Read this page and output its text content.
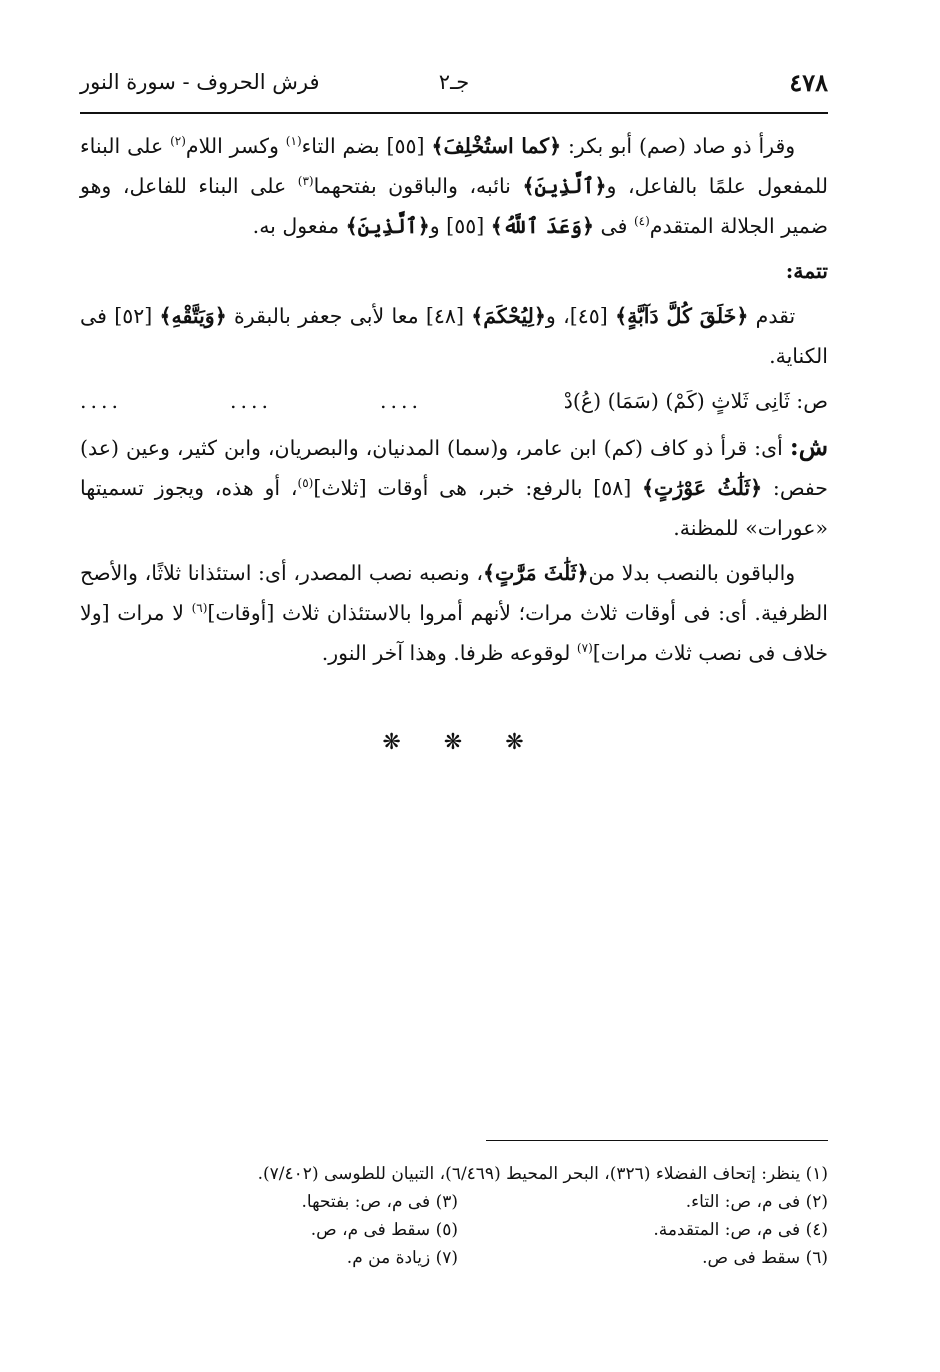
٤٧٨
جـ٢
فرش الحروف - سورة النور

وقرأ ذو صاد (صم) أبو بكر: ﴿كما استُخْلِفَ﴾ [٥٥] بضم التاء$^{(١)}$ وكسر اللام$^{(٢)}$ على البناء للمفعول علمًا بالفاعل، و﴿ٱلَّذِينَ﴾ نائبه، والباقون بفتحهما$^{(٣)}$ على البناء للفاعل، وهو ضمير الجلالة المتقدم$^{(٤)}$ فى ﴿وَعَدَ ٱللَّهُ﴾ [٥٥] و﴿ٱلَّذِينَ﴾ مفعول به.

تتمة:

تقدم ﴿خَلَقَ كُلَّ دَآبَّةٍ﴾ [٤٥]، و﴿لِيُحْكَمَ﴾ [٤٨] معا لأبى جعفر بالبقرة ﴿وَيَتَّقْهِ﴾ [٥٢] فى الكناية.

ص: ثَانِى ثَلاثٍ (كَمْ) (سَمَا) (عُ)دْ
....
....
....

ش: أى: قرأ ذو كاف (كم) ابن عامر، و(سما) المدنيان، والبصريان، وابن كثير، وعين (عد) حفص: ﴿ثَلَٰثُ عَوْرَٰتٍ﴾ [٥٨] بالرفع: خبر، هى أوقات [ثلاث]$^{(٥)}$، أو هذه، ويجوز تسميتها «عورات» للمظنة.

والباقون بالنصب بدلا من﴿ثَلَٰثَ مَرَّٰتٍ﴾، ونصبه نصب المصدر، أى: استئذانا ثلاثًا، والأصح الظرفية. أى: فى أوقات ثلاث مرات؛ لأنهم أمروا بالاستئذان ثلاث [أوقات]$^{(٦)}$ لا مرات [ولا خلاف فى نصب ثلاث مرات]$^{(٧)}$ لوقوعه ظرفا. وهذا آخر النور.

❋ ❋ ❋
(١) ينظر: إتحاف الفضلاء (٣٢٦)، البحر المحيط (٦/٤٦٩)، التبيان للطوسى (٧/٤٠٢).
(٢) فى م، ص: التاء.
(٣) فى م، ص: بفتحها.
(٤) فى م، ص: المتقدمة.
(٥) سقط فى م، ص.
(٦) سقط فى ص.
(٧) زيادة من م.
